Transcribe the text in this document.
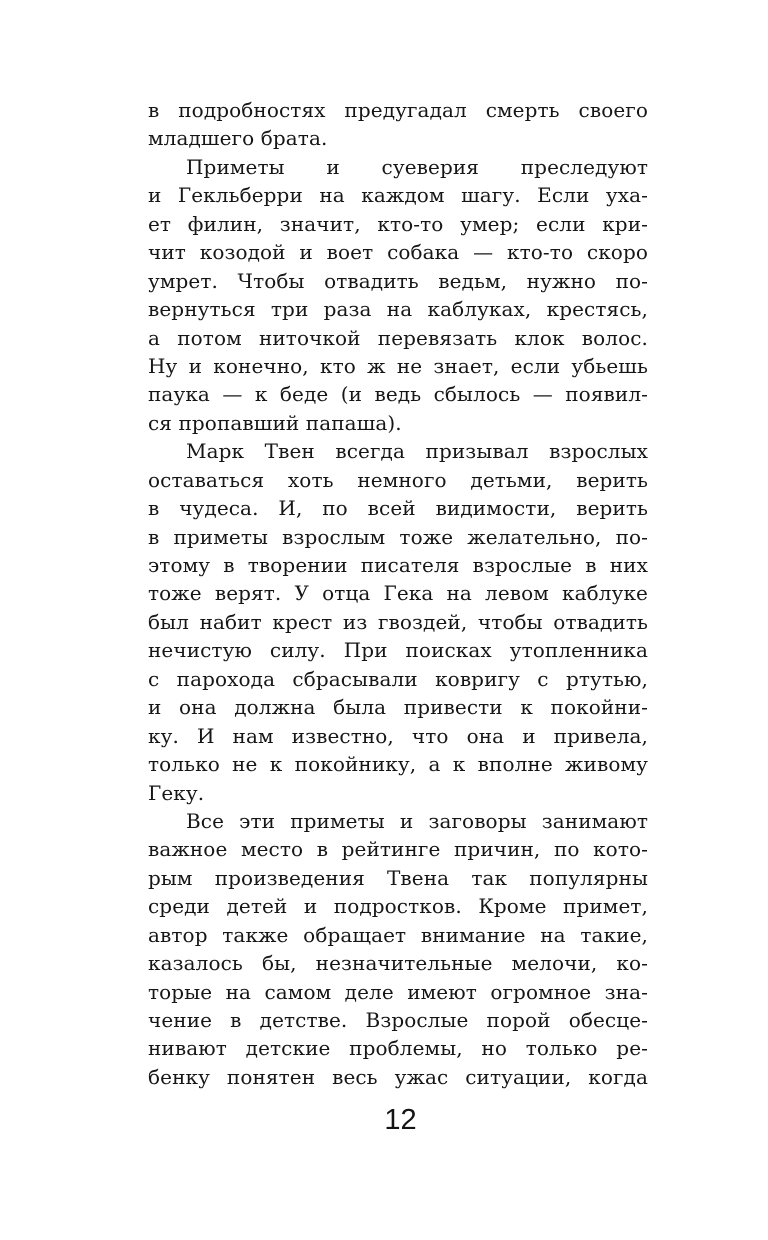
в подробностях предугадал смерть своего
младшего брата.
Приметы и суеверия преследуют
и Гекльберри на каждом шагу. Если уха-
ет филин, значит, кто-то умер; если кри-
чит козодой и воет собака — кто-то скоро
умрет. Чтобы отвадить ведьм, нужно по-
вернуться три раза на каблуках, крестясь,
а потом ниточкой перевязать клок волос.
Ну и конечно, кто ж не знает, если убьешь
паука — к беде (и ведь сбылось — появил-
ся пропавший папаша).
Марк Твен всегда призывал взрослых
оставаться хоть немного детьми, верить
в чудеса. И, по всей видимости, верить
в приметы взрослым тоже желательно, по-
этому в творении писателя взрослые в них
тоже верят. У отца Гека на левом каблуке
был набит крест из гвоздей, чтобы отвадить
нечистую силу. При поисках утопленника
с парохода сбрасывали ковригу с ртутью,
и она должна была привести к покойни-
ку. И нам известно, что она и привела,
только не к покойнику, а к вполне живому
Геку.
Все эти приметы и заговоры занимают
важное место в рейтинге причин, по кото-
рым произведения Твена так популярны
среди детей и подростков. Кроме примет,
автор также обращает внимание на такие,
казалось бы, незначительные мелочи, ко-
торые на самом деле имеют огромное зна-
чение в детстве. Взрослые порой обесце-
нивают детские проблемы, но только ре-
бенку понятен весь ужас ситуации, когда
12
